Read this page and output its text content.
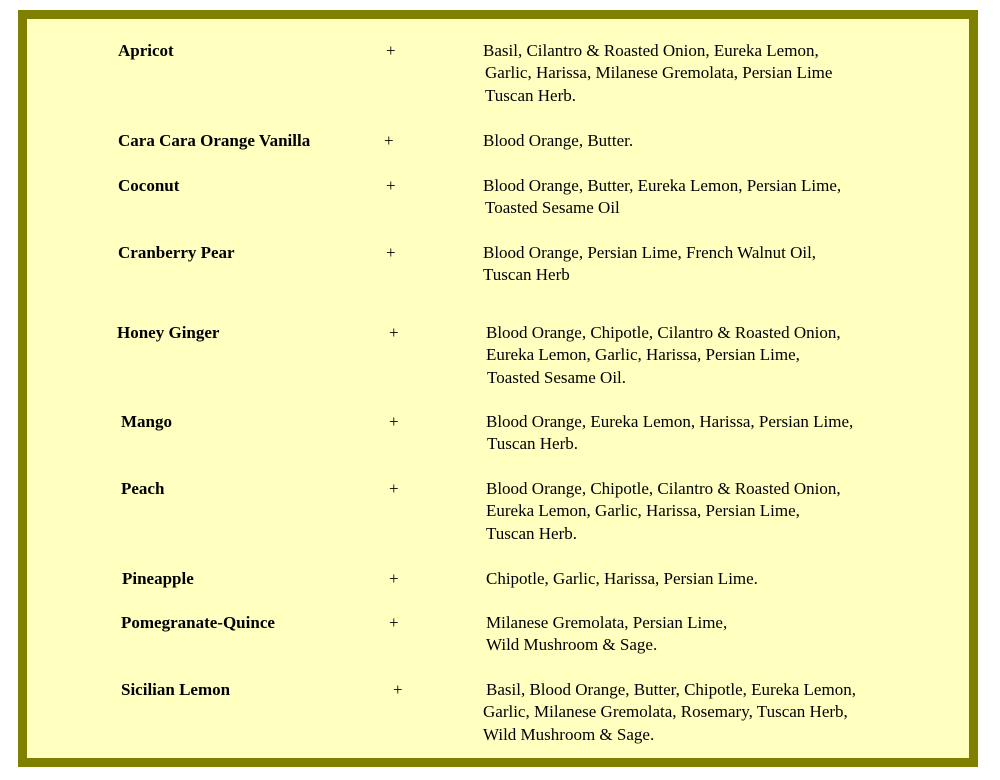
Apricot	+	Basil, Cilantro & Roasted Onion, Eureka Lemon,
Garlic, Harissa, Milanese Gremolata, Persian Lime
Tuscan Herb.
Cara Cara Orange Vanilla	+	Blood Orange, Butter.
Coconut	+	Blood Orange, Butter, Eureka Lemon, Persian Lime,
Toasted Sesame Oil
Cranberry Pear	+	Blood Orange, Persian Lime, French Walnut Oil,
Tuscan Herb
Honey Ginger	+	Blood Orange, Chipotle, Cilantro & Roasted Onion,
Eureka Lemon, Garlic, Harissa, Persian Lime,
Toasted Sesame Oil.
Mango	+	Blood Orange, Eureka Lemon, Harissa, Persian Lime,
Tuscan Herb.
Peach	+	Blood Orange, Chipotle, Cilantro & Roasted Onion,
Eureka Lemon, Garlic, Harissa, Persian Lime,
Tuscan Herb.
Pineapple	+	Chipotle, Garlic, Harissa, Persian Lime.
Pomegranate-Quince	+	Milanese Gremolata, Persian Lime,
Wild Mushroom & Sage.
Sicilian Lemon	+	Basil, Blood Orange, Butter, Chipotle, Eureka Lemon,
Garlic, Milanese Gremolata, Rosemary, Tuscan Herb,
Wild Mushroom & Sage.
